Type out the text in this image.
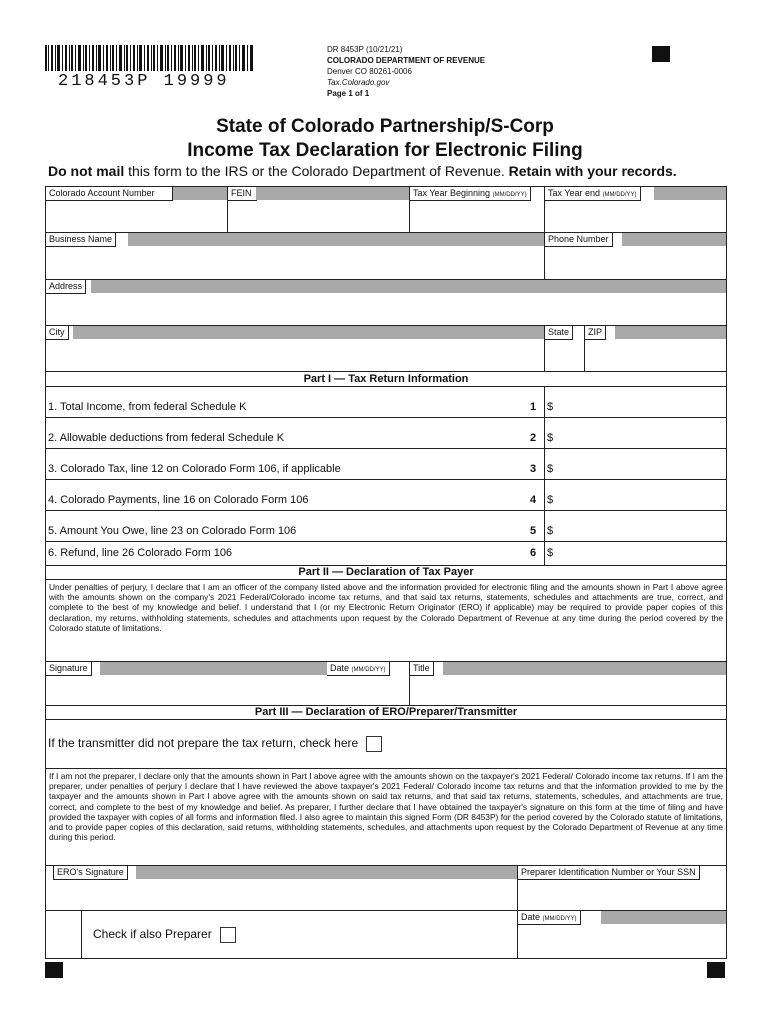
218453P 19999
DR 8453P (10/21/21)
COLORADO DEPARTMENT OF REVENUE
Denver CO 80261-0006
Tax.Colorado.gov
Page 1 of 1
State of Colorado Partnership/S-Corp
Income Tax Declaration for Electronic Filing
Do not mail this form to the IRS or the Colorado Department of Revenue. Retain with your records.
Colorado Account Number	FEIN	Tax Year Beginning (MM/DD/YY)	Tax Year end (MM/DD/YY)
Business Name	Phone Number
Address
City	State	ZIP
Part I — Tax Return Information
1. Total Income, from federal Schedule K	1 $
2. Allowable deductions from federal Schedule K	2 $
3. Colorado Tax, line 12 on Colorado Form 106, if applicable	3 $
4. Colorado Payments, line 16 on Colorado Form 106	4 $
5. Amount You Owe, line 23 on Colorado Form 106	5 $
6. Refund, line 26 Colorado Form 106	6 $
Part II — Declaration of Tax Payer
Under penalties of perjury, I declare that I am an officer of the company listed above and the information provided for electronic filing and the amounts shown in Part I above agree with the amounts shown on the company's 2021 Federal/Colorado income tax returns, and that said tax returns, statements, schedules and attachments are true, correct, and complete to the best of my knowledge and belief. I understand that I (or my Electronic Return Originator (ERO) if applicable) may be required to provide paper copies of this declaration, my returns, withholding statements, schedules and attachments upon request by the Colorado Department of Revenue at any time during the period covered by the Colorado statute of limitations.
Signature	Date (MM/DD/YY)	Title
Part III — Declaration of ERO/Preparer/Transmitter
If the transmitter did not prepare the tax return, check here
If I am not the preparer, I declare only that the amounts shown in Part I above agree with the amounts shown on the taxpayer's 2021 Federal/ Colorado income tax returns. If I am the preparer, under penalties of perjury I declare that I have reviewed the above taxpayer's 2021 Federal/ Colorado income tax returns and that the information provided to me by the taxpayer and the amounts shown in Part I above agree with the amounts shown on said tax returns, and that said tax returns, statements, schedules, and attachments are true, correct, and complete to the best of my knowledge and belief. As preparer, I further declare that I have obtained the taxpayer's signature on this form at the time of filing and have provided the taxpayer with copies of all forms and information filed. I also agree to maintain this signed Form (DR 8453P) for the period covered by the Colorado statute of limitations, and to provide paper copies of this declaration, said returns, withholding statements, schedules, and attachments upon request by the Colorado Department of Revenue at any time during this period.
ERO's Signature	Preparer Identification Number or Your SSN
Check if also Preparer
Date (MM/DD/YY)
